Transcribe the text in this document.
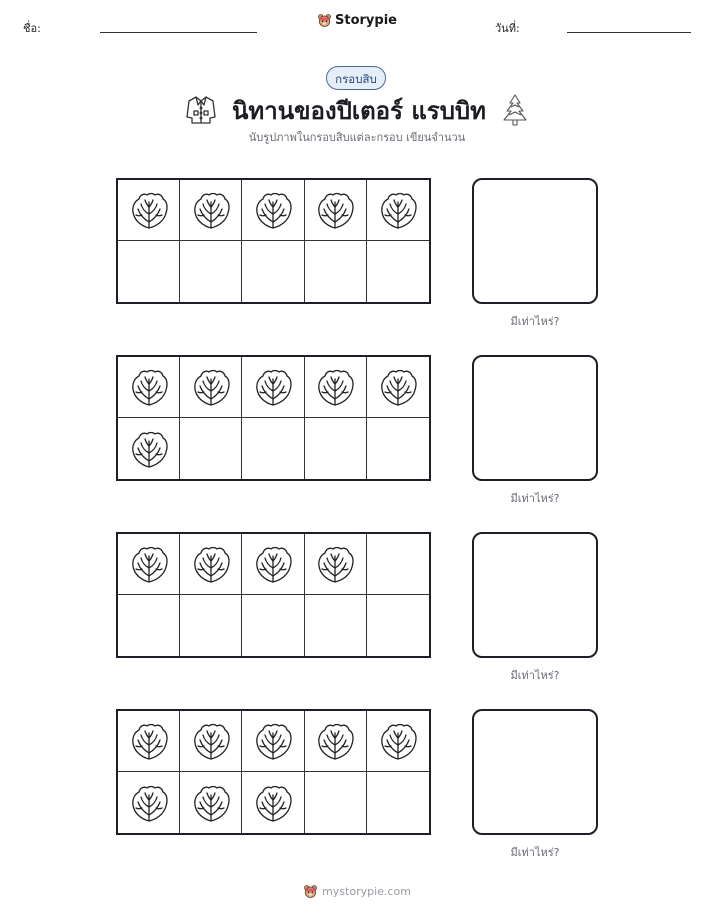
ชื่อ:
Storypie
วันที่:
กรอบสิบ
นิทานของปีเตอร์ แรบบิท
นับรูปภาพในกรอบสิบแต่ละกรอบ เขียนจำนวน
มีเท่าไหร่?
มีเท่าไหร่?
มีเท่าไหร่?
มีเท่าไหร่?
mystorypie.com
